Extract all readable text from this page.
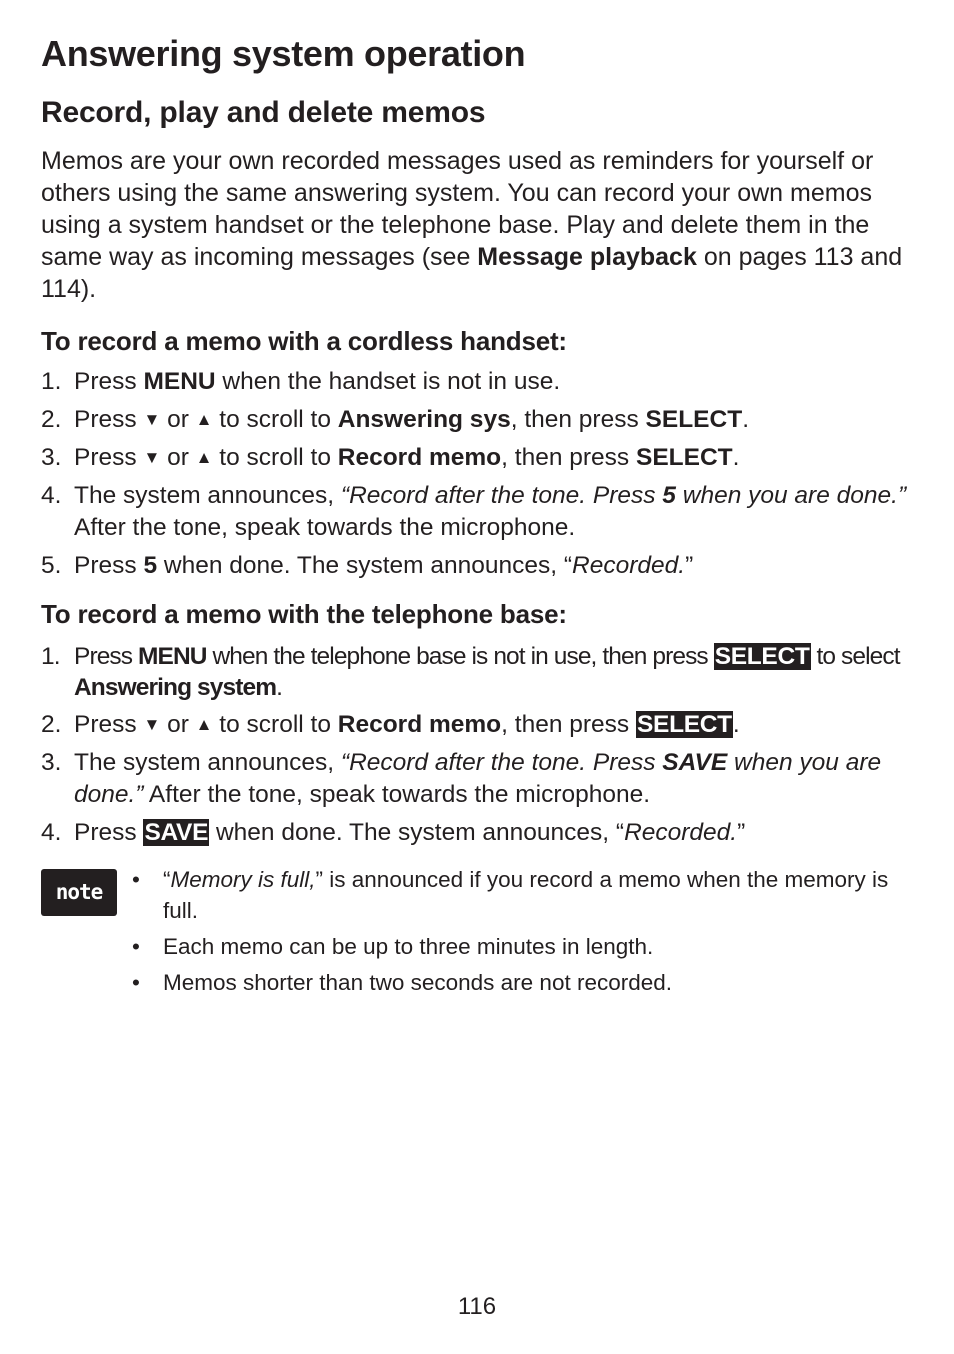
Answering system operation
Record, play and delete memos

Memos are your own recorded messages used as reminders for yourself or others using the same answering system. You can record your own memos using a system handset or the telephone base. Play and delete them in the same way as incoming messages (see Message playback on pages 113 and 114).

To record a memo with a cordless handset:
1. Press MENU when the handset is not in use.
2. Press ▼ or ▲ to scroll to Answering sys, then press SELECT.
3. Press ▼ or ▲ to scroll to Record memo, then press SELECT.
4. The system announces, “Record after the tone. Press 5 when you are done.” After the tone, speak towards the microphone.
5. Press 5 when done. The system announces, “Recorded.”
To record a memo with the telephone base:
1. Press MENU when the telephone base is not in use, then press SELECT to select Answering system.
2. Press ▼ or ▲ to scroll to Record memo, then press SELECT.
3. The system announces, “Record after the tone. Press SAVE when you are done.” After the tone, speak towards the microphone.
4. Press SAVE when done. The system announces, “Recorded.”
note	• “Memory is full,” is announced if you record a memo when the memory is full.
• Each memo can be up to three minutes in length.
• Memos shorter than two seconds are not recorded.
116
